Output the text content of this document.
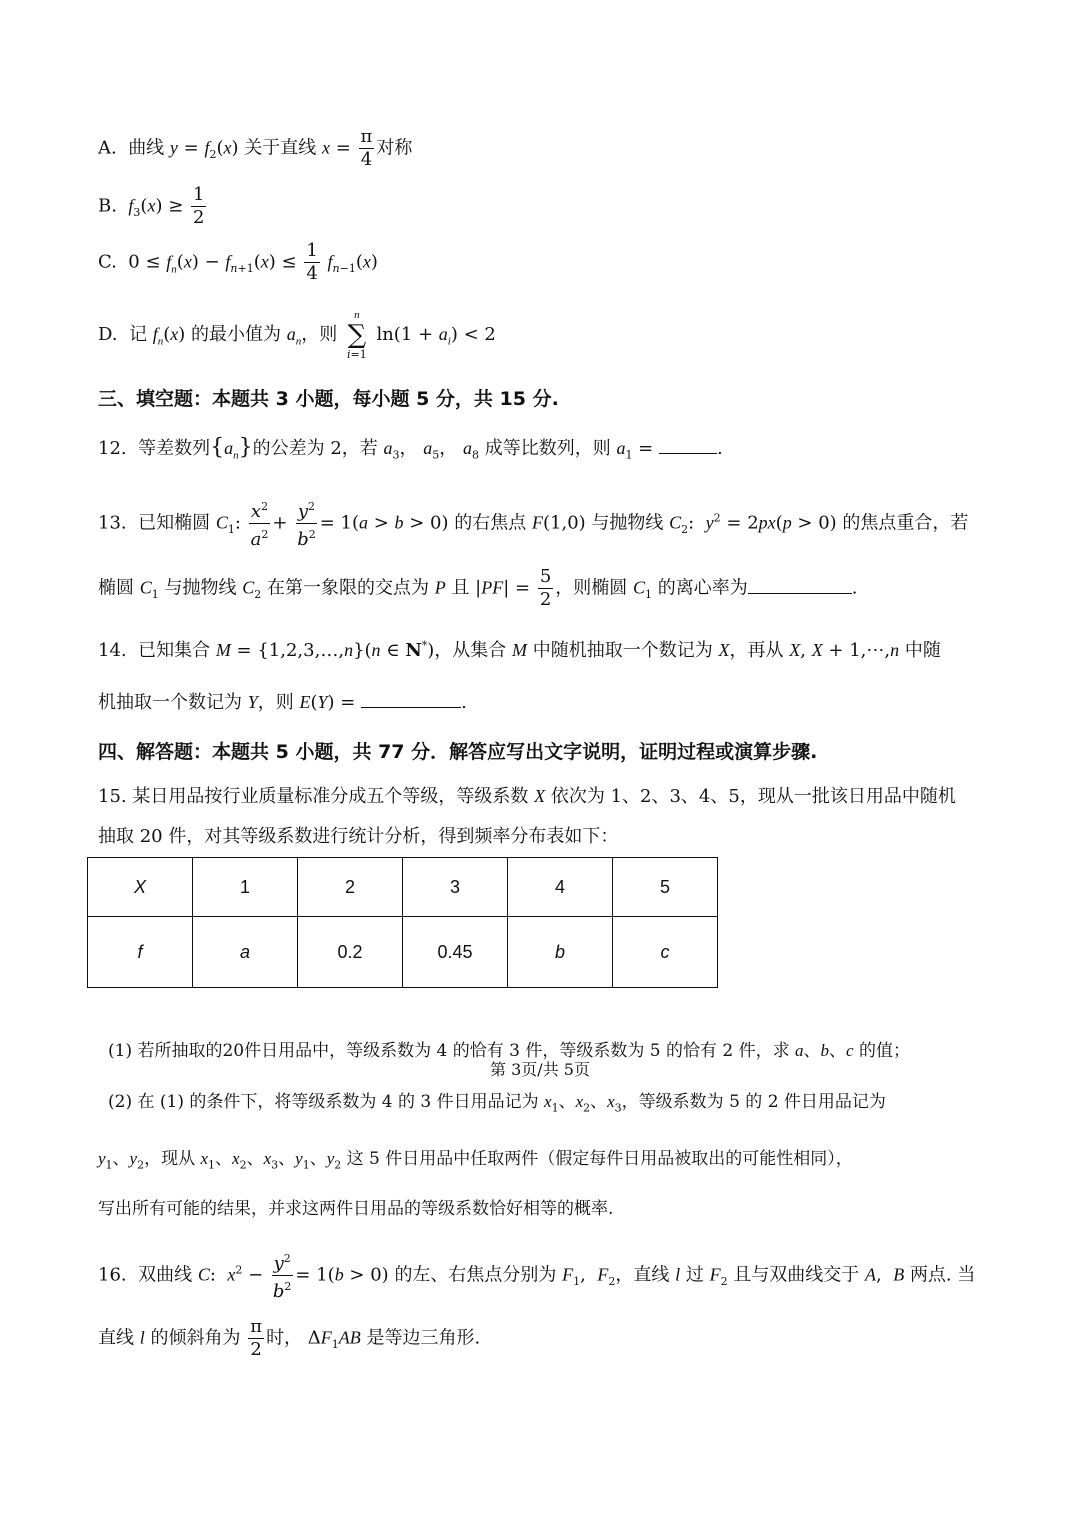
A. 曲线 $y = f_2(x)$ 关于直线 $x = \frac{\pi}{4}$ 对称
B. $f_3(x) \ge \frac{1}{2}$
C.  $0 \le f_n(x) - f_{n+1}(x) \le \frac{1}{4} f_{n-1}(x)$
D. 记 $f_n(x)$ 的最小值为 $a_n$，则
n
∑
i=1
$\ln(1 + a_i) < 2$
三、填空题：本题共 3 小题，每小题 5 分，共 15 分.
12. 等差数列$\{a_n\}$的公差为 2，若 $a_3$， $a_5$， $a_8$ 成等比数列，则 $a_1$ =	.
13. 已知椭圆 $C_1$: $\frac{x^2}{a^2} + \frac{y^2}{b^2} = 1(a > b > 0)$ 的右焦点 F(1,0) 与抛物线 $C_2$:  $y^2 = 2px(p > 0)$ 的焦点重合，若
椭圆 $C_1$ 与抛物线 $C_2$ 在第一象限的交点为 P 且 $|PF| = \frac{5}{2}$ ，则椭圆 $C_1$ 的离心率为	.
14. 已知集合 M = {1,2,3,…,n}(n ∈ N*)，从集合 M 中随机抽取一个数记为 X，再从 X, X + 1,⋯,n 中随
机抽取一个数记为 Y，则 E(Y) =	.
四、解答题：本题共 5 小题，共 77 分．解答应写出文字说明，证明过程或演算步骤.
15. 某日用品按行业质量标准分成五个等级，等级系数 X 依次为 1、2、3、4、5，现从一批该日用品中随机
抽取 20 件，对其等级系数进行统计分析，得到频率分布表如下：
X	1	2	3	4	5
f	a	0.2	0.45	b	c
(1) 若所抽取的20件日用品中，等级系数为 4 的恰有 3 件，等级系数为 5 的恰有 2 件，求 a、b、c 的值；
(2) 在 (1) 的条件下，将等级系数为 4 的 3 件日用品记为 $x_1$、$x_2$、$x_3$，等级系数为 5 的 2 件日用品记为
$y_1$、$y_2$，现从 $x_1$、$x_2$、$x_3$、$y_1$、$y_2$ 这 5 件日用品中任取两件（假定每件日用品被取出的可能性相同），
写出所有可能的结果，并求这两件日用品的等级系数恰好相等的概率.
16. 双曲线 C:  $x^2 - \frac{y^2}{b^2} = 1(b > 0)$ 的左、右焦点分别为 $F_1$,  $F_2$，直线 l 过 $F_2$ 且与双曲线交于 A,  B 两点. 当
直线 l 的倾斜角为 $\frac{\pi}{2}$ 时， $\Delta F_1AB$ 是等边三角形.
第 3页/共 5页
